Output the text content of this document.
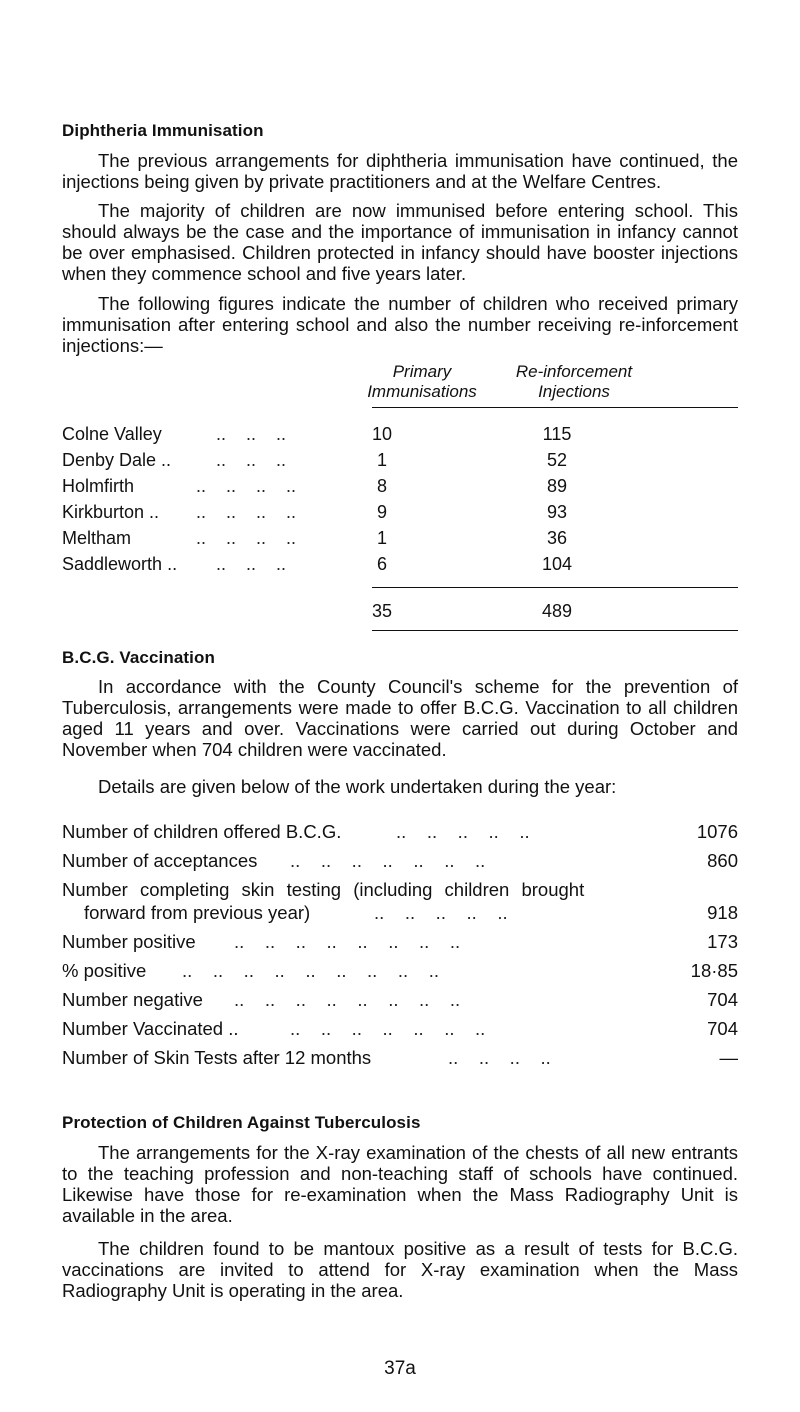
Diphtheria Immunisation

The previous arrangements for diphtheria immunisation have continued, the injections being given by private practitioners and at the Welfare Centres.

The majority of children are now immunised before entering school. This should always be the case and the importance of immunisation in infancy cannot be over emphasised. Children protected in infancy should have booster injections when they commence school and five years later.

The following figures indicate the number of children who received primary immunisation after entering school and also the number receiving re-inforcement injections:—

Primary
Immunisations
Re-inforcement
Injections
Colne Valley ..    ..    ..	10	115
Denby Dale .. ..    ..    ..	1	52
Holmfirth	..    ..    ..    ..	8	89
Kirkburton .. ..    ..    ..    ..	9	93
Meltham	..    ..    ..    ..	1	36
Saddleworth .. ..    ..    ..	6	104
35	489
B.C.G. Vaccination

In accordance with the County Council's scheme for the prevention of Tuberculosis, arrangements were made to offer B.C.G. Vaccination to all children aged 11 years and over. Vaccinations were carried out during October and November when 704 children were vaccinated.

Details are given below of the work undertaken during the year:

Number of children offered B.C.G.	..    ..    ..    ..    ..	1076
Number of acceptances ..    ..    ..    ..    ..    ..    ..	860
Number completing skin testing (including children brought
forward from previous year)	..    ..    ..    ..    ..	918
Number positive ..    ..    ..    ..    ..    ..    ..    ..	173
% positive ..    ..    ..    ..    ..    ..    ..    ..    ..	18·85
Number negative ..    ..    ..    ..    ..    ..    ..    ..	704
Number Vaccinated ..	..    ..    ..    ..    ..    ..    ..	704
Number of Skin Tests after 12 months	..    ..    ..    ..	—
Protection of Children Against Tuberculosis

The arrangements for the X-ray examination of the chests of all new entrants to the teaching profession and non-teaching staff of schools have continued. Likewise have those for re-examination when the Mass Radiography Unit is available in the area.

The children found to be mantoux positive as a result of tests for B.C.G. vaccinations are invited to attend for X-ray examination when the Mass Radiography Unit is operating in the area.

37a
